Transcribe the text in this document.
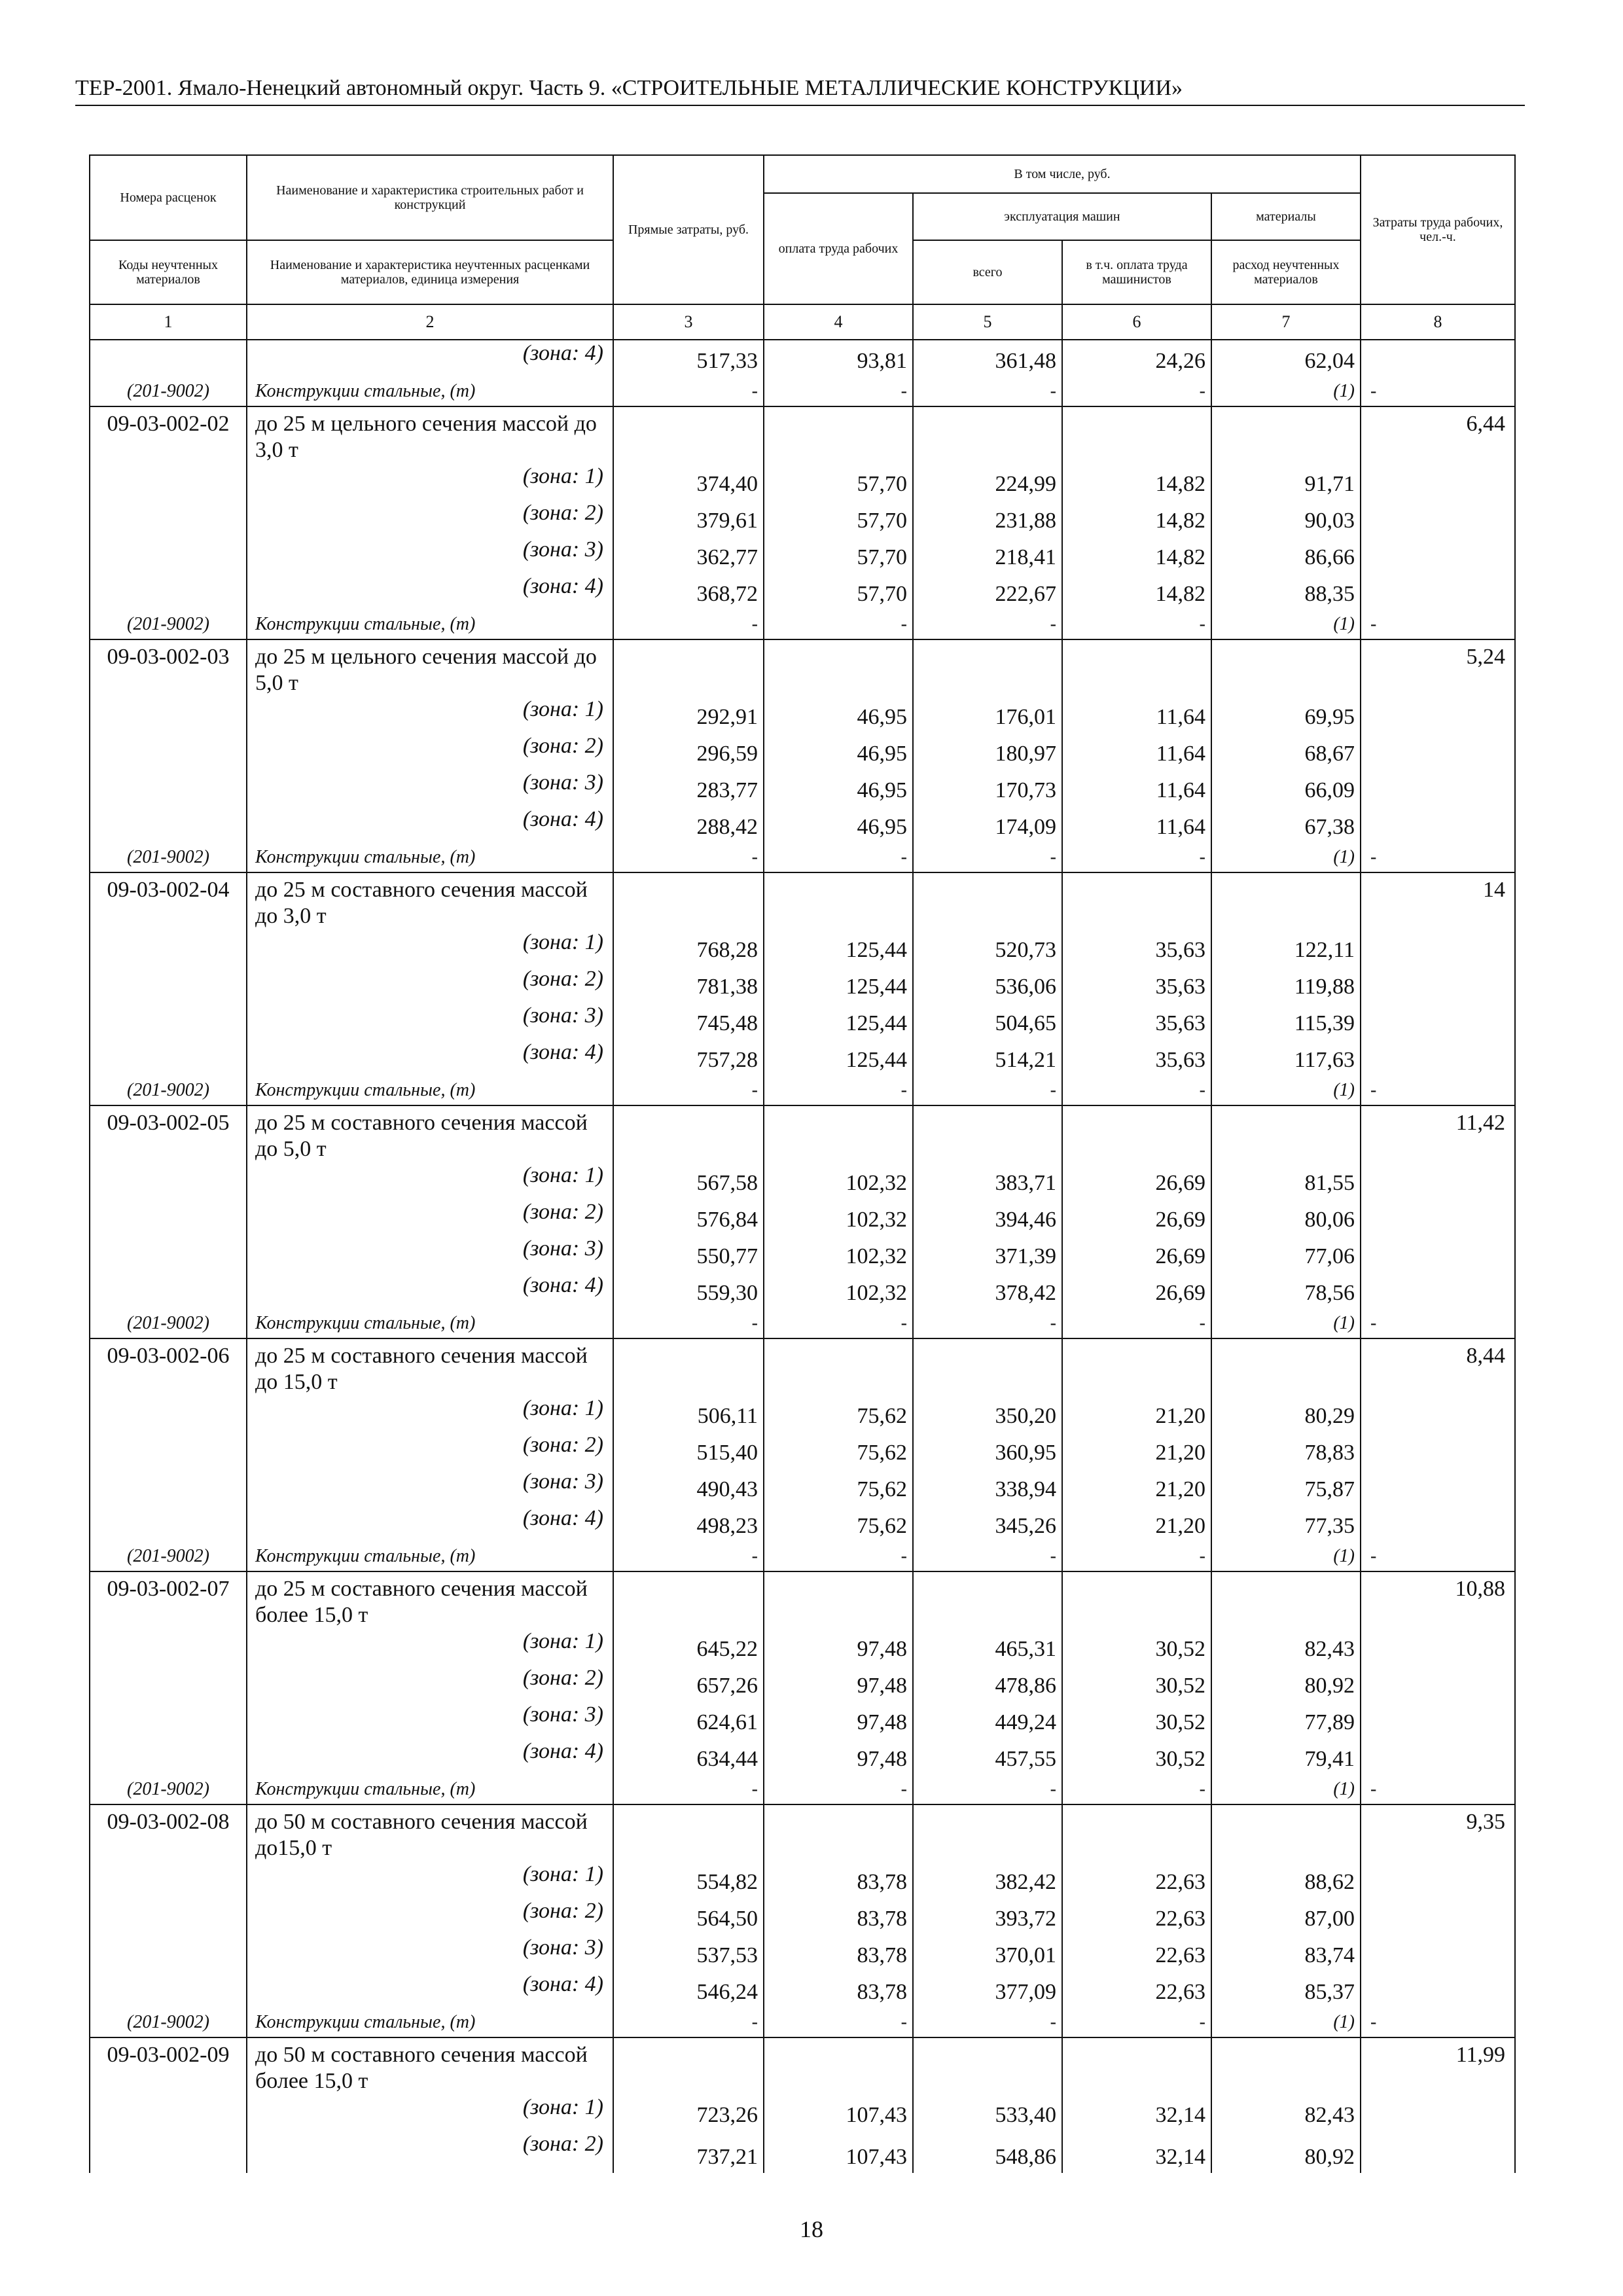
ТЕР-2001. Ямало-Ненецкий автономный округ. Часть 9. «СТРОИТЕЛЬНЫЕ МЕТАЛЛИЧЕСКИЕ КОНСТРУКЦИИ»
Номера расценок	Наименование и характеристика строительных работ и конструкций	Прямые затраты, руб.	В том числе, руб.				Затраты труда рабочих, чел.-ч.
			оплата труда рабочих	эксплуатация машин		материалы	
Коды неучтенных материалов	Наименование и характеристика неучтенных расценками материалов, единица измерения			всего	в т.ч. оплата труда машинистов	расход неучтенных материалов	
1	2	3	4	5	6	7	8
	(зона: 4)	517,33	93,81	361,48	24,26	62,04	
(201-9002)	Конструкции стальные, (т)	-	-	-	-	(1)	-
09-03-002-02	до 25 м цельного сечения массой до 3,0 т						6,44
	(зона: 1)	374,40	57,70	224,99	14,82	91,71	
	(зона: 2)	379,61	57,70	231,88	14,82	90,03	
	(зона: 3)	362,77	57,70	218,41	14,82	86,66	
	(зона: 4)	368,72	57,70	222,67	14,82	88,35	
(201-9002)	Конструкции стальные, (т)	-	-	-	-	(1)	-
09-03-002-03	до 25 м цельного сечения массой до 5,0 т						5,24
	(зона: 1)	292,91	46,95	176,01	11,64	69,95	
	(зона: 2)	296,59	46,95	180,97	11,64	68,67	
	(зона: 3)	283,77	46,95	170,73	11,64	66,09	
	(зона: 4)	288,42	46,95	174,09	11,64	67,38	
(201-9002)	Конструкции стальные, (т)	-	-	-	-	(1)	-
09-03-002-04	до 25 м составного сечения массой до 3,0 т						14
	(зона: 1)	768,28	125,44	520,73	35,63	122,11	
	(зона: 2)	781,38	125,44	536,06	35,63	119,88	
	(зона: 3)	745,48	125,44	504,65	35,63	115,39	
	(зона: 4)	757,28	125,44	514,21	35,63	117,63	
(201-9002)	Конструкции стальные, (т)	-	-	-	-	(1)	-
09-03-002-05	до 25 м составного сечения массой до 5,0 т						11,42
	(зона: 1)	567,58	102,32	383,71	26,69	81,55	
	(зона: 2)	576,84	102,32	394,46	26,69	80,06	
	(зона: 3)	550,77	102,32	371,39	26,69	77,06	
	(зона: 4)	559,30	102,32	378,42	26,69	78,56	
(201-9002)	Конструкции стальные, (т)	-	-	-	-	(1)	-
09-03-002-06	до 25 м составного сечения массой до 15,0 т						8,44
	(зона: 1)	506,11	75,62	350,20	21,20	80,29	
	(зона: 2)	515,40	75,62	360,95	21,20	78,83	
	(зона: 3)	490,43	75,62	338,94	21,20	75,87	
	(зона: 4)	498,23	75,62	345,26	21,20	77,35	
(201-9002)	Конструкции стальные, (т)	-	-	-	-	(1)	-
09-03-002-07	до 25 м составного сечения массой более 15,0 т						10,88
	(зона: 1)	645,22	97,48	465,31	30,52	82,43	
	(зона: 2)	657,26	97,48	478,86	30,52	80,92	
	(зона: 3)	624,61	97,48	449,24	30,52	77,89	
	(зона: 4)	634,44	97,48	457,55	30,52	79,41	
(201-9002)	Конструкции стальные, (т)	-	-	-	-	(1)	-
09-03-002-08	до 50 м составного сечения массой до15,0 т						9,35
	(зона: 1)	554,82	83,78	382,42	22,63	88,62	
	(зона: 2)	564,50	83,78	393,72	22,63	87,00	
	(зона: 3)	537,53	83,78	370,01	22,63	83,74	
	(зона: 4)	546,24	83,78	377,09	22,63	85,37	
(201-9002)	Конструкции стальные, (т)	-	-	-	-	(1)	-
09-03-002-09	до 50 м составного сечения массой более 15,0 т						11,99
	(зона: 1)	723,26	107,43	533,40	32,14	82,43	
	(зона: 2)	737,21	107,43	548,86	32,14	80,92	
18
